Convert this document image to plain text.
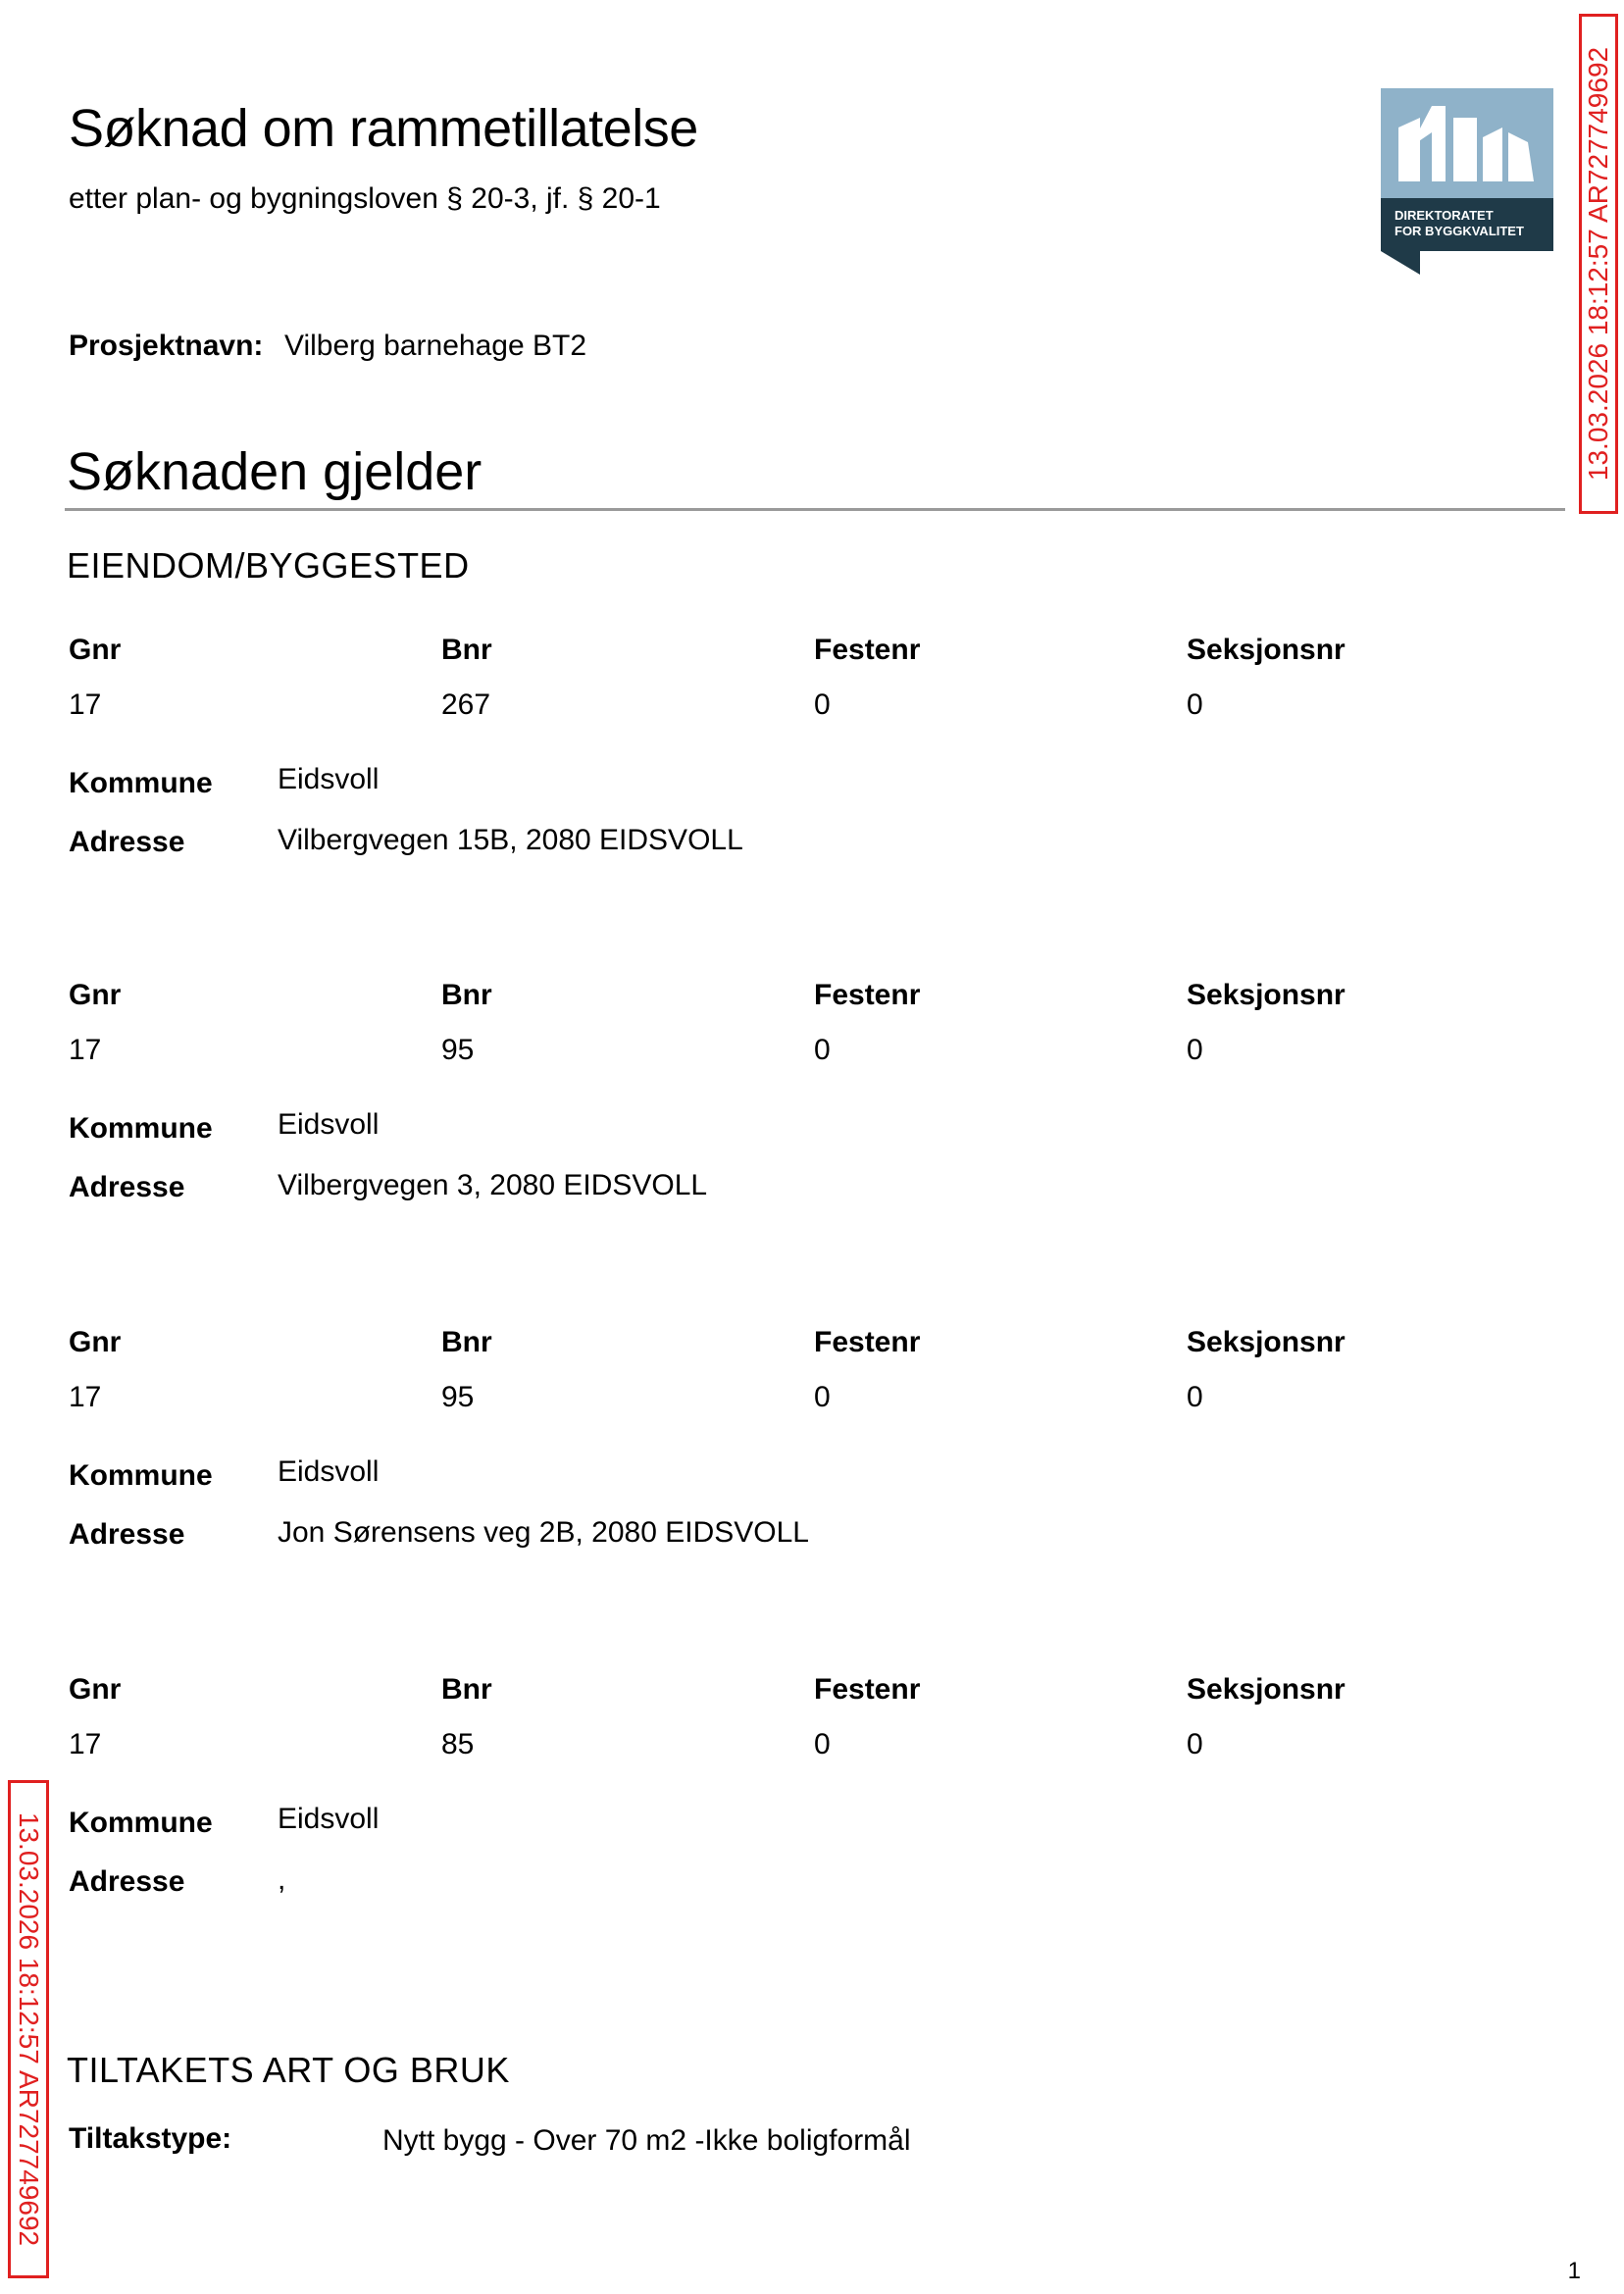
Søknad om rammetillatelse
etter plan- og bygningsloven § 20-3, jf. § 20-1
DIREKTORATET
FOR BYGGKVALITET	13.03.2026 18:12:57 AR727749692
13.03.2026 18:12:57 AR727749692
Prosjektnavn: Vilberg barnehage BT2
Søknaden gjelder
EIENDOM/BYGGESTED
Gnr	Bnr	Festenr	Seksjonsnr
17	267	0	0
Kommune Eidsvoll
Adresse	Vilbergvegen 15B, 2080 EIDSVOLL
Gnr	Bnr	Festenr	Seksjonsnr
17	95	0	0
Kommune Eidsvoll
Adresse	Vilbergvegen 3, 2080 EIDSVOLL
Gnr	Bnr	Festenr	Seksjonsnr
17	95	0	0
Kommune Eidsvoll
Adresse	Jon Sørensens veg 2B, 2080 EIDSVOLL
Gnr	Bnr	Festenr	Seksjonsnr
17	85	0	0
Kommune Eidsvoll
Adresse	,
TILTAKETS ART OG BRUK
Tiltakstype:	Nytt bygg - Over 70 m2 -Ikke boligformål
1
